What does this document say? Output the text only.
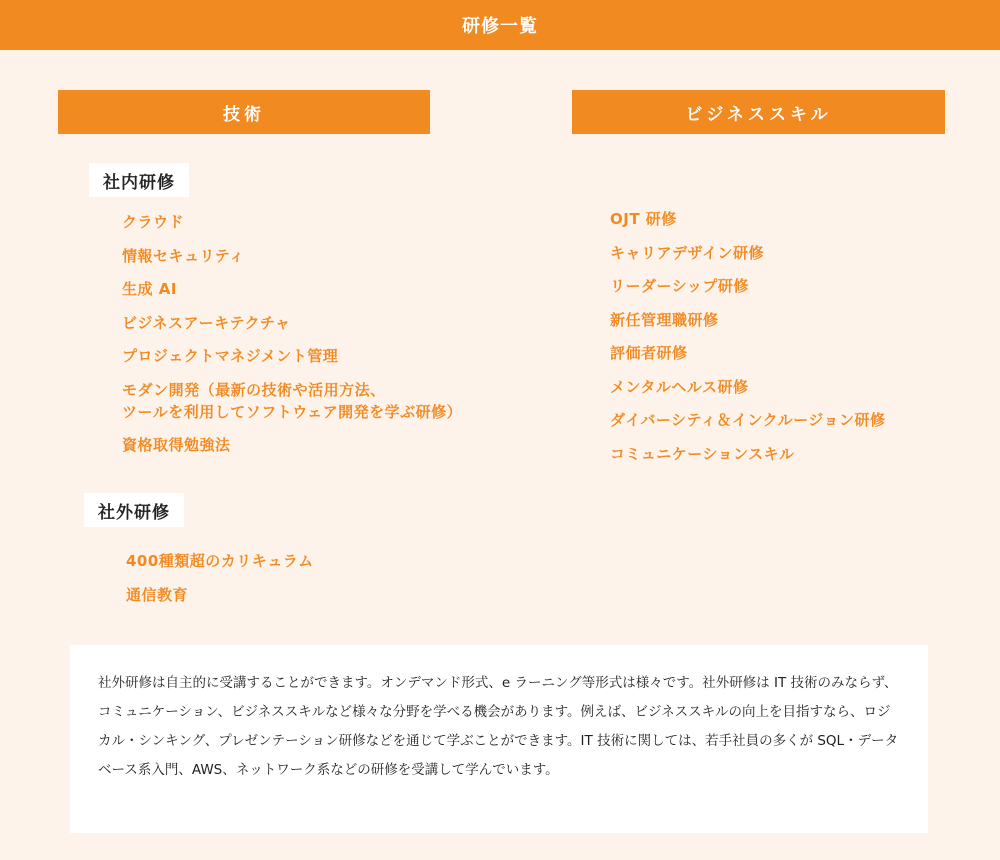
研修一覧
技術	ビジネススキル
社内研修
クラウド
情報セキュリティ
生成 AI
ビジネスアーキテクチャ
プロジェクトマネジメント管理
モダン開発（最新の技術や活用方法、
ツールを利用してソフトウェア開発を学ぶ研修）
資格取得勉強法
社外研修
400種類超のカリキュラム
通信教育
OJT 研修
キャリアデザイン研修
リーダーシップ研修
新任管理職研修
評価者研修
メンタルヘルス研修
ダイバーシティ＆インクルージョン研修
コミュニケーションスキル

社外研修は自主的に受講することができます。オンデマンド形式、e ラーニング等形式は様々です。社外研修は IT 技術のみならず、コミュニケーション、ビジネススキルなど様々な分野を学べる機会があります。例えば、ビジネススキルの向上を目指すなら、ロジカル・シンキング、プレゼンテーション研修などを通じて学ぶことができます。IT 技術に関しては、若手社員の多くが SQL・データベース系入門、AWS、ネットワーク系などの研修を受講して学んでいます。
